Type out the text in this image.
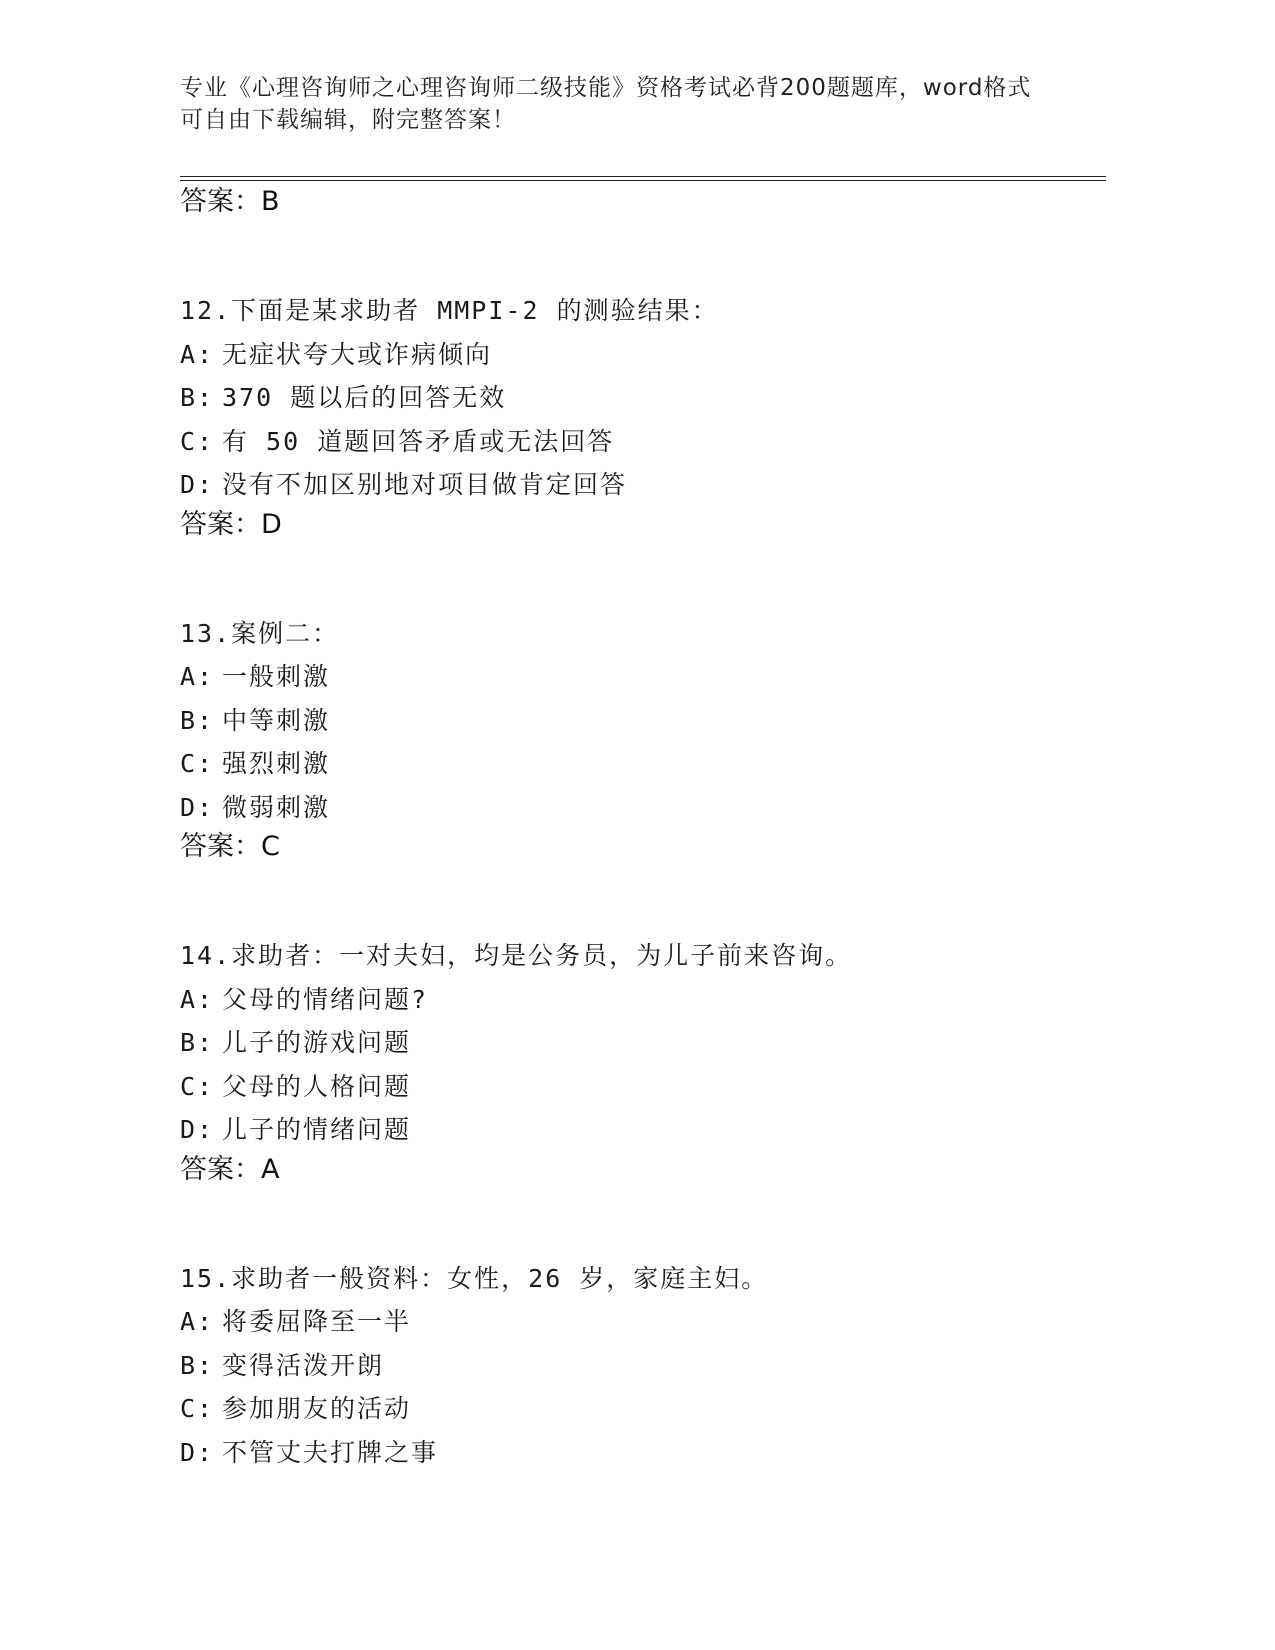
专业《心理咨询师之心理咨询师二级技能》资格考试必背200题题库，word格式
可自由下载编辑，附完整答案！
答案：B
12.下面是某求助者 MMPI-2 的测验结果：
A: 无症状夸大或诈病倾向
B: 370 题以后的回答无效
C: 有 50 道题回答矛盾或无法回答
D: 没有不加区别地对项目做肯定回答
答案：D
13.案例二：
A: 一般刺激
B: 中等刺激
C: 强烈刺激
D: 微弱刺激
答案：C
14.求助者：一对夫妇，均是公务员，为儿子前来咨询。
A: 父母的情绪问题?
B: 儿子的游戏问题
C: 父母的人格问题
D: 儿子的情绪问题
答案：A
15.求助者一般资料：女性，26 岁，家庭主妇。
A: 将委屈降至一半
B: 变得活泼开朗
C: 参加朋友的活动
D: 不管丈夫打牌之事
